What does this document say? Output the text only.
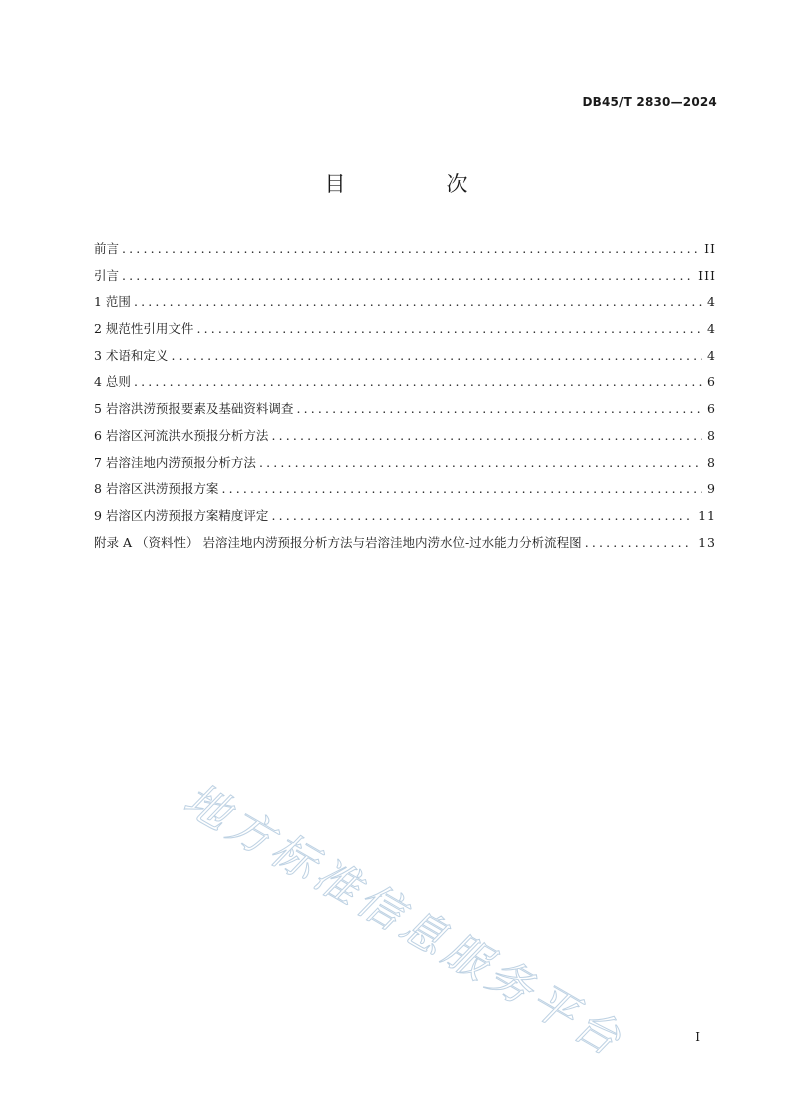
DB45/T 2830—2024
目　次
前言 . . .	II
引言 . . .	III
1 范围 . . .	4
2 规范性引用文件 . . .	4
3 术语和定义 . . .	4
4 总则 . . .	6
5 岩溶洪涝预报要素及基础资料调查 . . .	6
6 岩溶区河流洪水预报分析方法 . . .	8
7 岩溶洼地内涝预报分析方法 . . .	8
8 岩溶区洪涝预报方案 . . .	9
9 岩溶区内涝预报方案精度评定 . . .	11
附录 A （资料性） 岩溶洼地内涝预报分析方法与岩溶洼地内涝水位-过水能力分析流程图 . . .	13
地方标准信息服务平台	I
